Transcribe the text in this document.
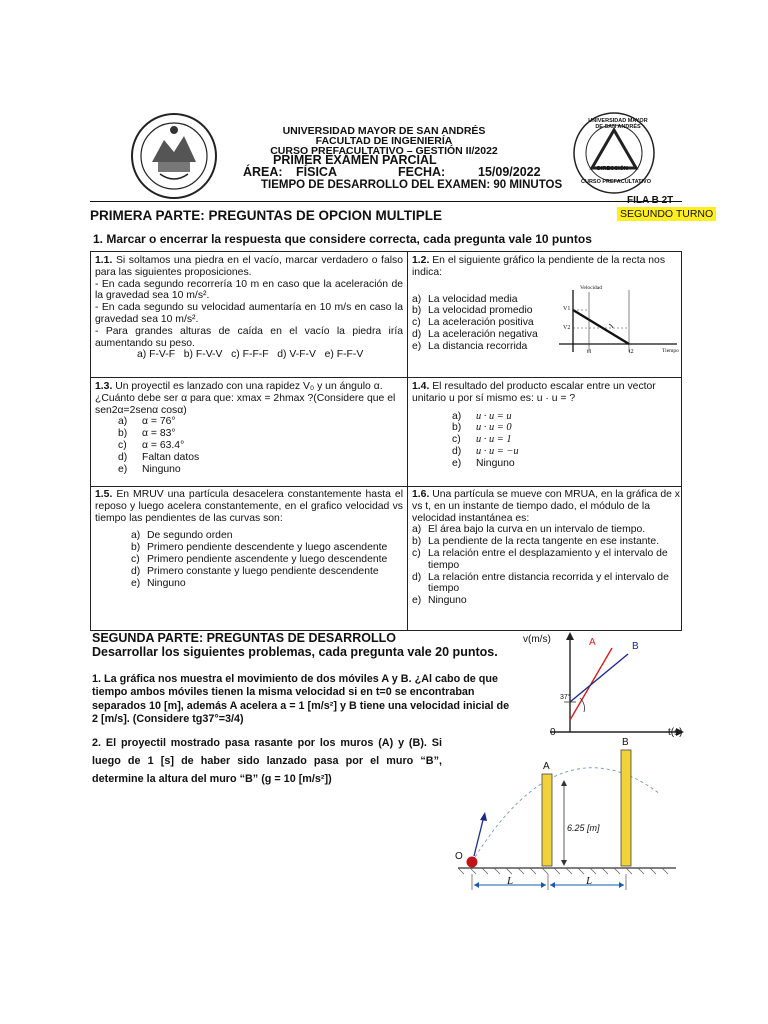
UNIVERSIDAD MAYOR DE SAN ANDRÉS
FACULTAD DE INGENIERÍA
CURSO PREFACULTATIVO – GESTIÓN II/2022
PRIMER EXÁMEN PARCIAL
ÁREA: FÍSICA	FECHA:	15/09/2022
TIEMPO DE DESARROLLO DEL EXAMEN: 90 MINUTOS
UNIVERSIDAD MAYOR DE SAN ANDRÉS
DIRECCIÓN
CURSO PREFACULTATIVO
FILA B 2T
SEGUNDO TURNO
PRIMERA PARTE: PREGUNTAS DE OPCION MULTIPLE
1. Marcar o encerrar la respuesta que considere correcta, cada pregunta vale 10 puntos

1.1. Si soltamos una piedra en el vacío, marcar verdadero o falso para las siguientes proposiciones.

- En cada segundo recorrería 10 m en caso que la aceleración de la gravedad sea 10 m/s².

- En cada segundo su velocidad aumentaría en 10 m/s en caso la gravedad sea 10 m/s².

- Para grandes alturas de caída en el vacío la piedra iría aumentando su peso.

a) F-V-F   b) F-V-V   c) F-F-F   d) V-F-V   e) F-F-V

1.2. En el siguiente gráfico la pendiente de la recta nos indica:

a) La velocidad media
b) La velocidad promedio
c) La aceleración positiva
d) La aceleración negativa
e) La distancia recorrida
Velocidad
Tiempo
V1
V2
t1	t2

1.3. Un proyectil es lanzado con una rapidez V₀ y un ángulo α. ¿Cuánto debe ser α para que: xmax = 2hmax ?(Considere que el sen2α=2senα cosα)

a)	α = 76°
b)	α = 83°
c)	α = 63.4°
d)	Faltan datos
e)	Ninguno

1.4. El resultado del producto escalar entre un vector unitario u por sí mismo es: u · u = ?

a)	u · u = u
b)	u · u = 0
c)	u · u = 1
d)	u · u = −u
e)	Ninguno

1.5. En MRUV una partícula desacelera constantemente hasta el reposo y luego acelera constantemente, en el grafico velocidad vs tiempo las pendientes de las curvas son:

a) De segundo orden
b) Primero pendiente descendente y luego ascendente
c) Primero pendiente ascendente y luego descendente
d) Primero constante y luego pendiente descendente
e) Ninguno

1.6. Una partícula se mueve con MRUA, en la gráfica de x vs t, en un instante de tiempo dado, el módulo de la velocidad instantánea es:

a) El área bajo la curva en un intervalo de tiempo.
b) La pendiente de la recta tangente en ese instante.
c) La relación entre el desplazamiento y el intervalo de tiempo
d) La relación entre distancia recorrida y el intervalo de tiempo
e) Ninguno
SEGUNDA PARTE: PREGUNTAS DE DESARROLLO
Desarrollar los siguientes problemas, cada pregunta vale 20 puntos.
1. La gráfica nos muestra el movimiento de dos móviles A y B. ¿Al cabo de que tiempo ambos móviles tienen la misma velocidad si en t=0 se encontraban separados 10 [m], además A acelera a = 1 [m/s²] y B tiene una velocidad inicial de 2 [m/s]. (Considere tg37°=3/4)
v(m/s)
t(s)
0
A	B
37°
2. El proyectil mostrado pasa rasante por los muros (A) y (B). Si luego de 1 [s] de haber sido lanzado pasa por el muro “B”, determine la altura del muro “B” (g = 10 [m/s²])
A
B
6.25 [m]
L	L
O
